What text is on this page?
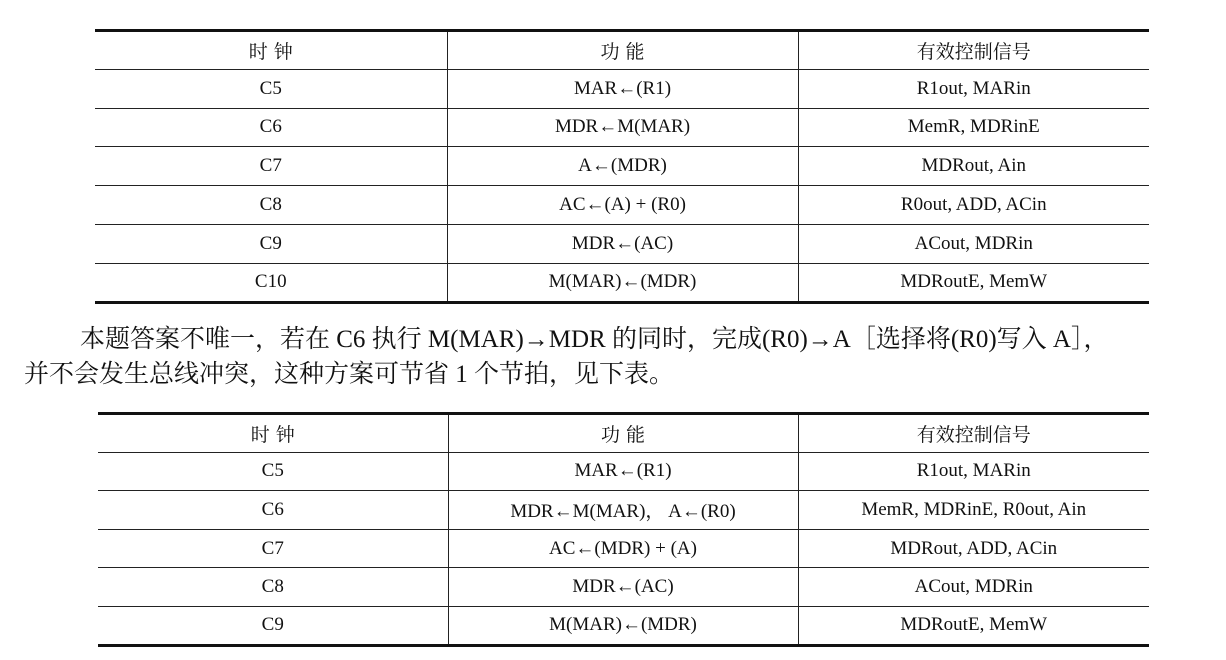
时 钟	功 能	有效控制信号
C5	MAR←(R1)	R1out, MARin
C6	MDR←M(MAR)	MemR, MDRinE
C7	A←(MDR)	MDRout, Ain
C8	AC←(A) + (R0)	R0out, ADD, ACin
C9	MDR←(AC)	ACout, MDRin
C10	M(MAR)←(MDR)	MDRoutE, MemW

本题答案不唯一，若在 C6 执行 M(MAR)→MDR 的同时，完成(R0)→A［选择将(R0)写入 A］，

并不会发生总线冲突，这种方案可节省 1 个节拍，见下表。

时 钟	功 能	有效控制信号
C5	MAR←(R1)	R1out, MARin
C6	MDR←M(MAR)， A←(R0)	MemR, MDRinE, R0out, Ain
C7	AC←(MDR) + (A)	MDRout, ADD, ACin
C8	MDR←(AC)	ACout, MDRin
C9	M(MAR)←(MDR)	MDRoutE, MemW
